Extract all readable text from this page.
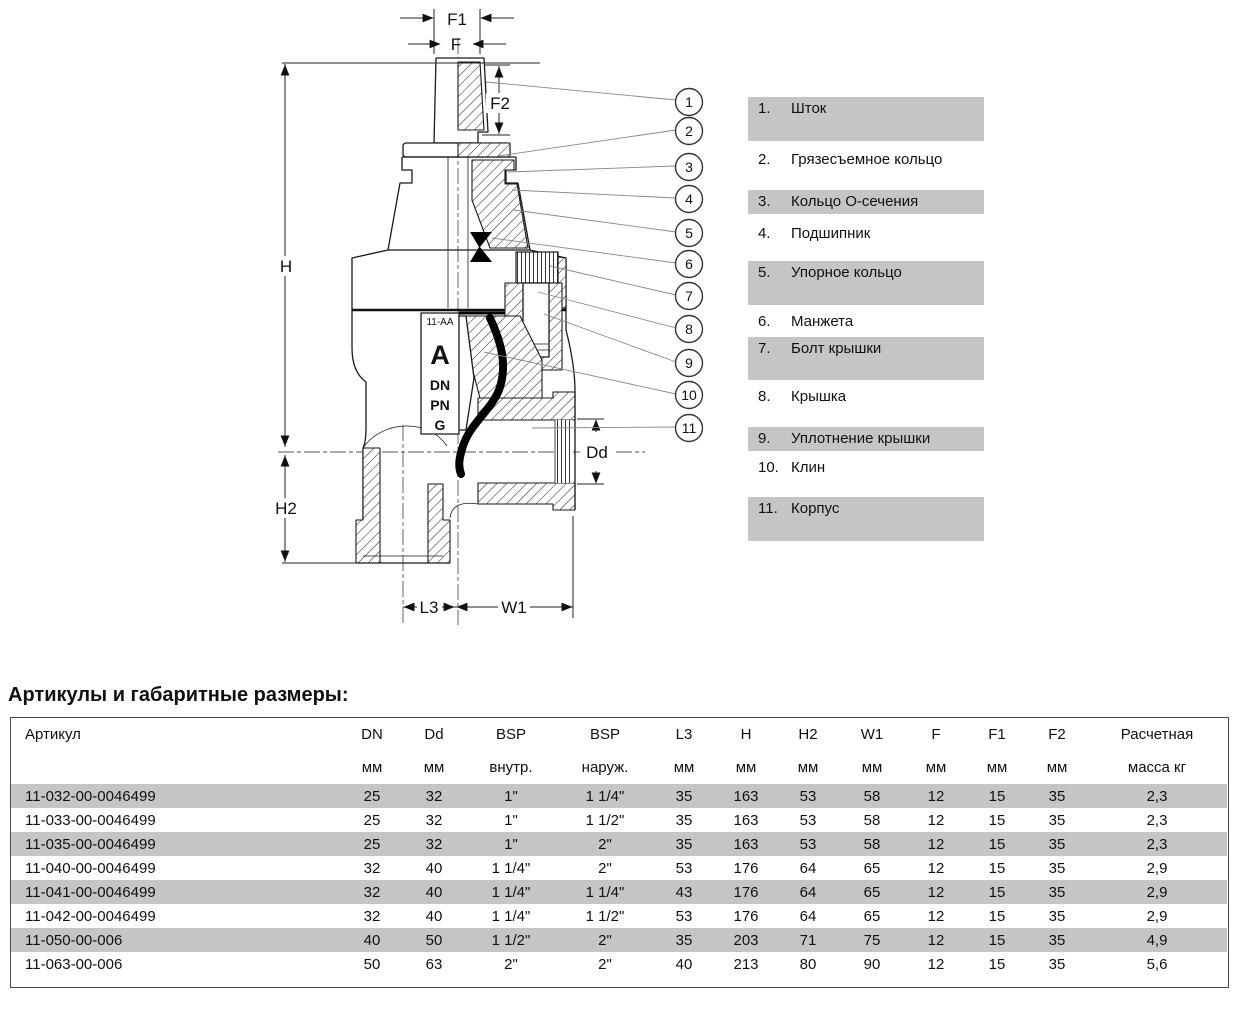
11-AA
A
DN
PN
G
F1
F
F2
H
H2
Dd
L3	W1
1
2
3
4
5
6
7
8
9
10
11
1.	Шток
2.	Грязесъемное кольцо
3.	Кольцо О-сечения
4.	Подшипник
5.	Упорное кольцо
6.	Манжета
7.	Болт крышки
8.	Крышка
9.	Уплотнение крышки
10. Клин
11. Корпус
Артикулы и габаритные размеры:
Артикул	DN	Dd	BSP	BSP	L3	H	H2	W1	F	F1	F2	Расчетная
	мм	мм	внутр.	наруж.	мм	мм	мм	мм	мм	мм	мм	масса кг
11-032-00-0046499	25	32	1"	1 1/4"	35	163	53	58	12	15	35	2,3
11-033-00-0046499	25	32	1"	1 1/2"	35	163	53	58	12	15	35	2,3
11-035-00-0046499	25	32	1"	2"	35	163	53	58	12	15	35	2,3
11-040-00-0046499	32	40	1 1/4"	2"	53	176	64	65	12	15	35	2,9
11-041-00-0046499	32	40	1 1/4"	1 1/4"	43	176	64	65	12	15	35	2,9
11-042-00-0046499	32	40	1 1/4"	1 1/2"	53	176	64	65	12	15	35	2,9
11-050-00-006	40	50	1 1/2"	2"	35	203	71	75	12	15	35	4,9
11-063-00-006	50	63	2"	2"	40	213	80	90	12	15	35	5,6
